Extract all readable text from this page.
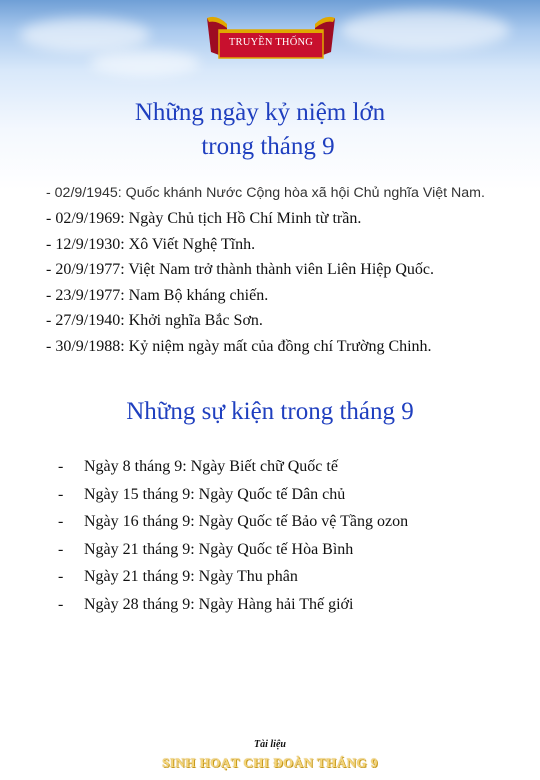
TRUYỀN THỐNG
Những ngày kỷ niệm lớn
trong tháng 9
- 02/9/1945: Quốc khánh Nước Cộng hòa xã hội Chủ nghĩa Việt Nam.
- 02/9/1969: Ngày Chủ tịch Hồ Chí Minh từ trần.
- 12/9/1930: Xô Viết Nghệ Tĩnh.
- 20/9/1977: Việt Nam trở thành thành viên Liên Hiệp Quốc.
- 23/9/1977: Nam Bộ kháng chiến.
- 27/9/1940: Khởi nghĩa Bắc Sơn.
- 30/9/1988: Kỷ niệm ngày mất của đồng chí Trường Chinh.
Những sự kiện trong tháng 9
-	Ngày 8 tháng 9: Ngày Biết chữ Quốc tế
-	Ngày 15 tháng 9: Ngày Quốc tế Dân chủ
-	Ngày 16 tháng 9: Ngày Quốc tế Bảo vệ Tầng ozon
-	Ngày 21 tháng 9: Ngày Quốc tế Hòa Bình
-	Ngày 21 tháng 9: Ngày Thu phân
-	Ngày 28 tháng 9: Ngày Hàng hải Thế giới
Tài liệu
SINH HOẠT CHI ĐOÀN THÁNG 9
